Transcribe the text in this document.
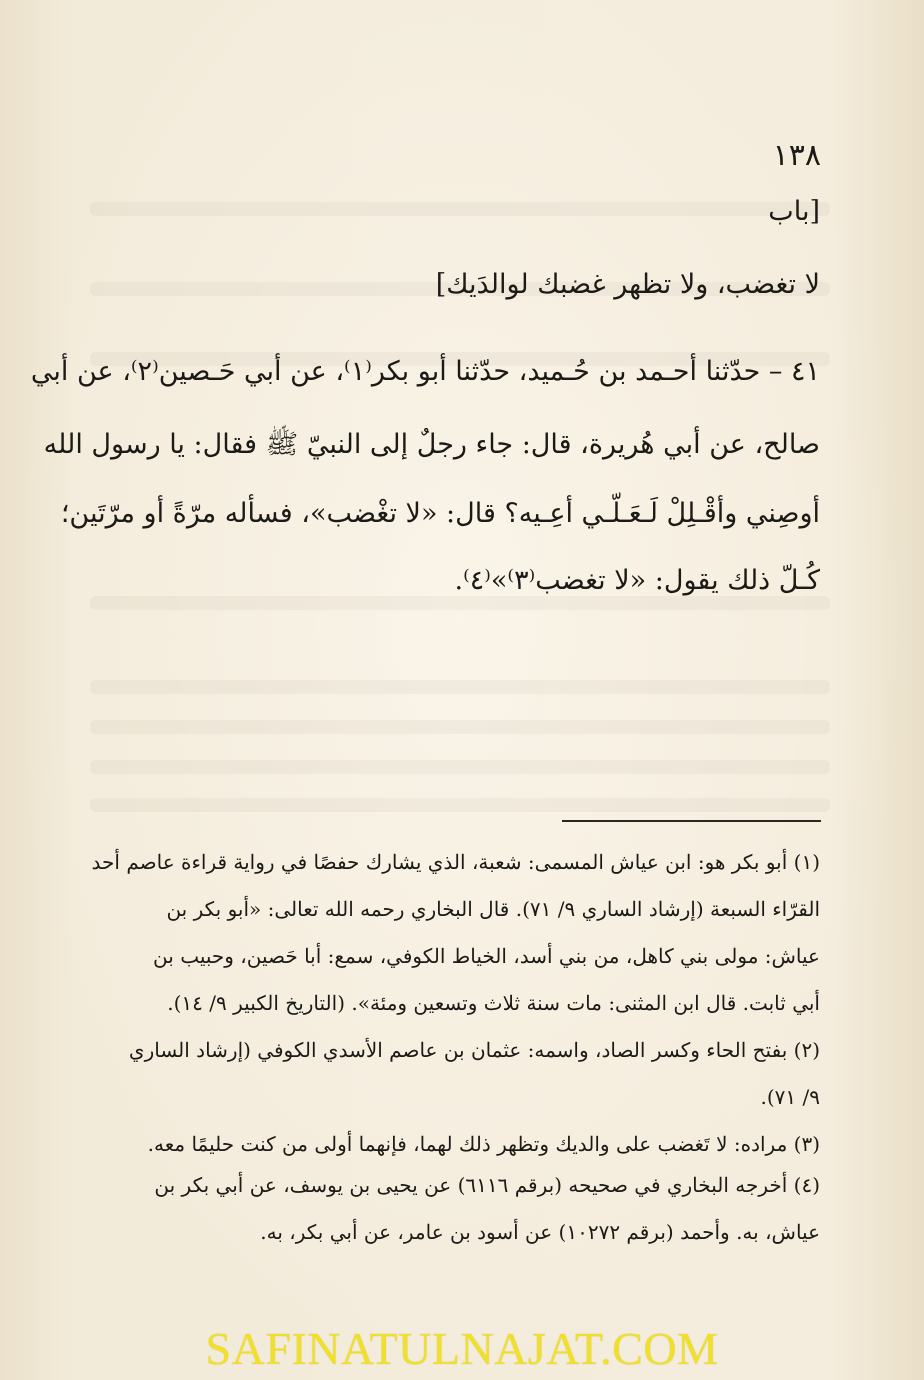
١٣٨
[باب
لا تغضب، ولا تظهر غضبك لوالدَيك]
٤١ – حدّثنا أحـمد بن حُـميد، حدّثنا أبو بكر⁽١⁾، عن أبي حَـصين⁽٢⁾، عن أبي
صالح، عن أبي هُريرة، قال: جاء رجلٌ إلى النبيّ ﷺ فقال: يا رسول الله
أوصِني وأقْـلِلْ لَـعَـلّـي أعِـيه؟ قال: «لا تغْضب»، فسأله مرّةً أو مرّتَين؛
كُـلّ ذلك يقول: «لا تغضب⁽٣⁾»⁽٤⁾.
(١) أبو بكر هو: ابن عياش المسمى: شعبة، الذي يشارك حفصًا في رواية قراءة عاصم أحد
القرّاء السبعة (إرشاد الساري ٩/ ٧١). قال البخاري رحمه الله تعالى: «أبو بكر بن
عياش: مولى بني كاهل، من بني أسد، الخياط الكوفي، سمع: أبا حَصين، وحبيب بن
أبي ثابت. قال ابن المثنى: مات سنة ثلاث وتسعين ومئة». (التاريخ الكبير ٩/ ١٤).
(٢) بفتح الحاء وكسر الصاد، واسمه: عثمان بن عاصم الأسدي الكوفي (إرشاد الساري
٩/ ٧١).
(٣) مراده: لا تَغضب على والديك وتظهر ذلك لهما، فإنهما أولى من كنت حليمًا معه.
(٤) أخرجه البخاري في صحيحه (برقم ٦١١٦) عن يحيى بن يوسف، عن أبي بكر بن
عياش، به. وأحمد (برقم ١٠٢٧٢) عن أسود بن عامر، عن أبي بكر، به.
SAFINATULNAJAT.COM
